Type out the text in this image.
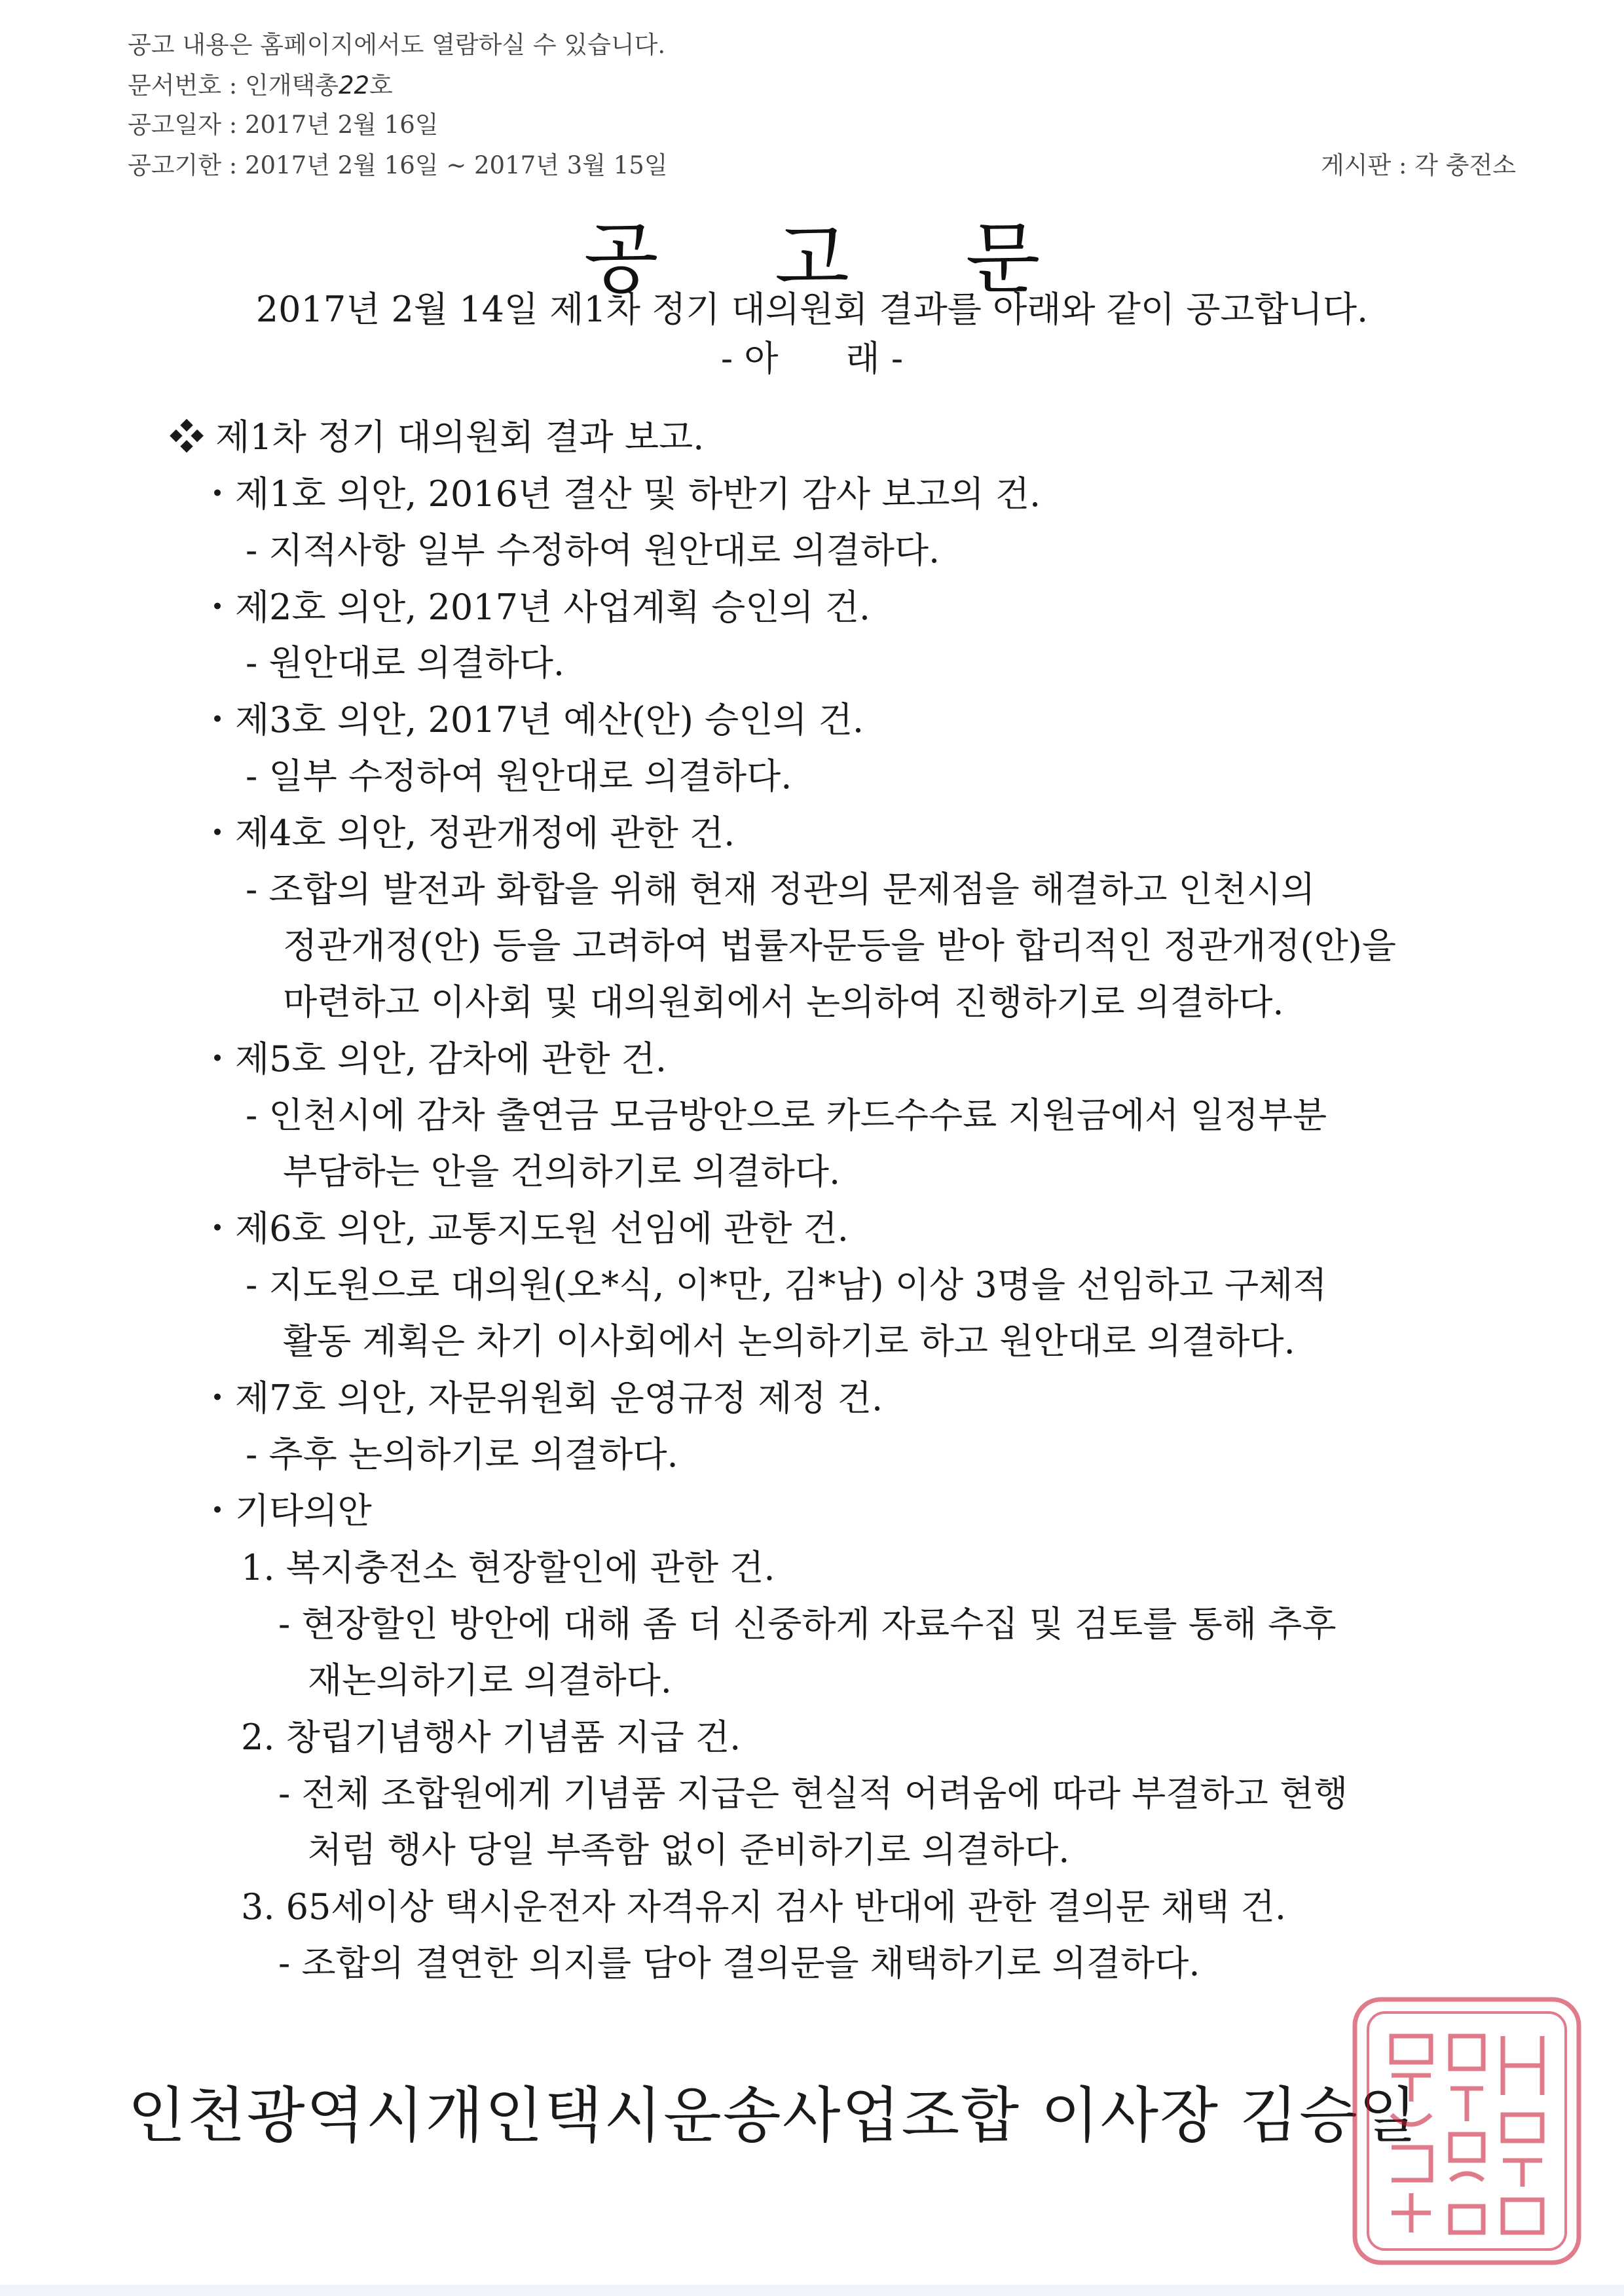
공고 내용은 홈페이지에서도 열람하실 수 있습니다.
문서번호 : 인개택총22호
공고일자 : 2017년 2월 16일
공고기한 : 2017년 2월 16일 ~ 2017년 3월 15일	게시판 : 각 충전소
공 고 문
2017년 2월 14일 제1차 정기 대의원회 결과를 아래와 같이 공고합니다.
- 아      래 -
❖ 제1차 정기 대의원회 결과 보고.
・제1호 의안, 2016년 결산 및 하반기 감사 보고의 건.
- 지적사항 일부 수정하여 원안대로 의결하다.
・제2호 의안, 2017년 사업계획 승인의 건.
- 원안대로 의결하다.
・제3호 의안, 2017년 예산(안) 승인의 건.
- 일부 수정하여 원안대로 의결하다.
・제4호 의안, 정관개정에 관한 건.
- 조합의 발전과 화합을 위해 현재 정관의 문제점을 해결하고 인천시의
정관개정(안) 등을 고려하여 법률자문등을 받아 합리적인 정관개정(안)을
마련하고 이사회 및 대의원회에서 논의하여 진행하기로 의결하다.
・제5호 의안, 감차에 관한 건.
- 인천시에 감차 출연금 모금방안으로 카드수수료 지원금에서 일정부분
부담하는 안을 건의하기로 의결하다.
・제6호 의안, 교통지도원 선임에 관한 건.
- 지도원으로 대의원(오*식, 이*만, 김*남) 이상 3명을 선임하고 구체적
활동 계획은 차기 이사회에서 논의하기로 하고 원안대로 의결하다.
・제7호 의안, 자문위원회 운영규정 제정 건.
- 추후 논의하기로 의결하다.
・기타의안
1. 복지충전소 현장할인에 관한 건.
- 현장할인 방안에 대해 좀 더 신중하게 자료수집 및 검토를 통해 추후
재논의하기로 의결하다.
2. 창립기념행사 기념품 지급 건.
- 전체 조합원에게 기념품 지급은 현실적 어려움에 따라 부결하고 현행
처럼 행사 당일 부족함 없이 준비하기로 의결하다.
3. 65세이상 택시운전자 자격유지 검사 반대에 관한 결의문 채택 건.
- 조합의 결연한 의지를 담아 결의문을 채택하기로 의결하다.
인천광역시개인택시운송사업조합 이사장 김승일
